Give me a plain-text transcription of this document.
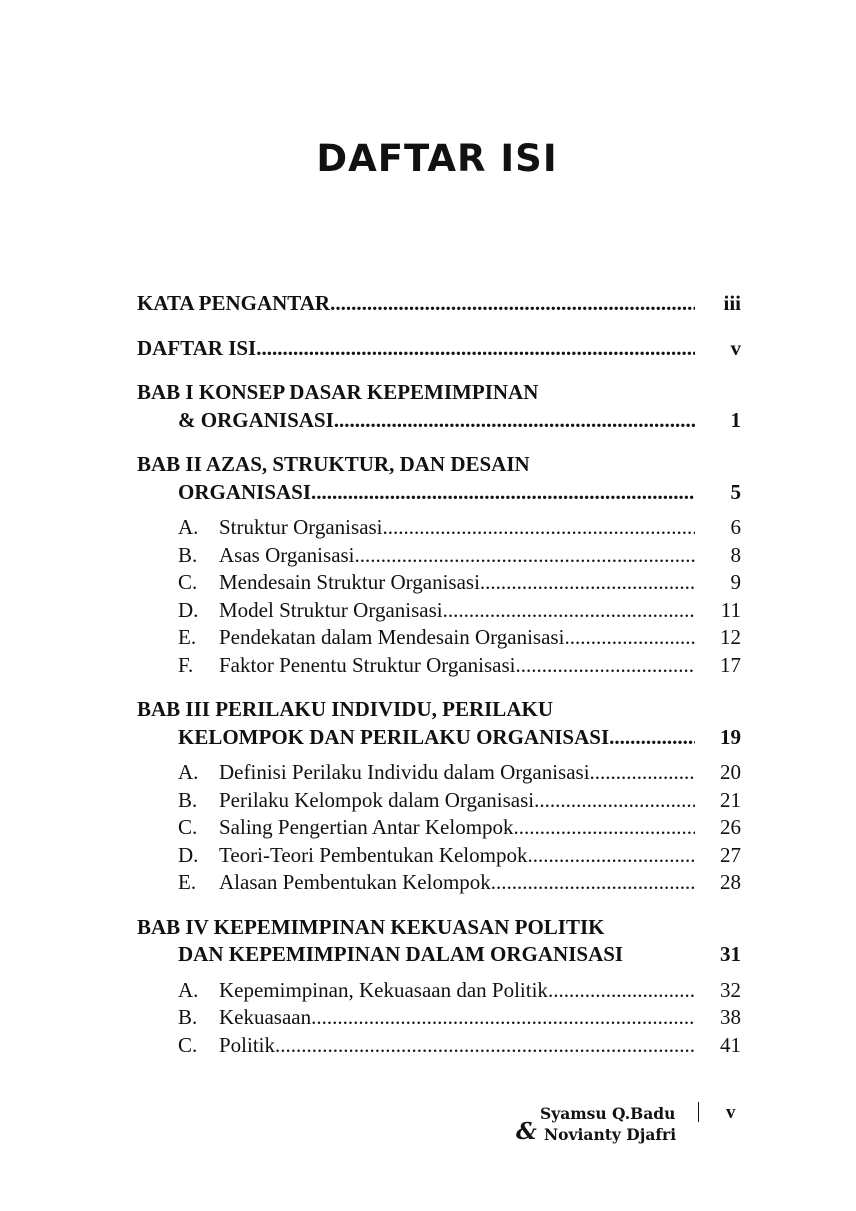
DAFTAR ISI
KATA PENGANTAR .....	iii
DAFTAR ISI .....	v
BAB I KONSEP DASAR KEPEMIMPINAN
& ORGANISASI .....	1
BAB II AZAS, STRUKTUR, DAN DESAIN
ORGANISASI .....	5
A. Struktur Organisasi .....	6
B.	Asas Organisasi .....	8
C.	Mendesain Struktur Organisasi .....	9
D. Model Struktur Organisasi .....	11
E.	Pendekatan dalam Mendesain Organisasi .....	12
F.	Faktor Penentu Struktur Organisasi .....	17
BAB III PERILAKU INDIVIDU, PERILAKU
KELOMPOK DAN PERILAKU ORGANISASI .....	19
A. Definisi Perilaku Individu dalam Organisasi .....	20
B.	Perilaku Kelompok dalam Organisasi .....	21
C.	Saling Pengertian Antar Kelompok .....	26
D. Teori-Teori Pembentukan Kelompok .....	27
E.	Alasan Pembentukan Kelompok .....	28
BAB IV KEPEMIMPINAN KEKUASAN POLITIK
DAN KEPEMIMPINAN DALAM ORGANISASI	31
A. Kepemimpinan, Kekuasaan dan Politik .....	32
B.	Kekuasaan .....	38
C.	Politik .....	41
Syamsu Q.Badu	v
& Novianty Djafri
